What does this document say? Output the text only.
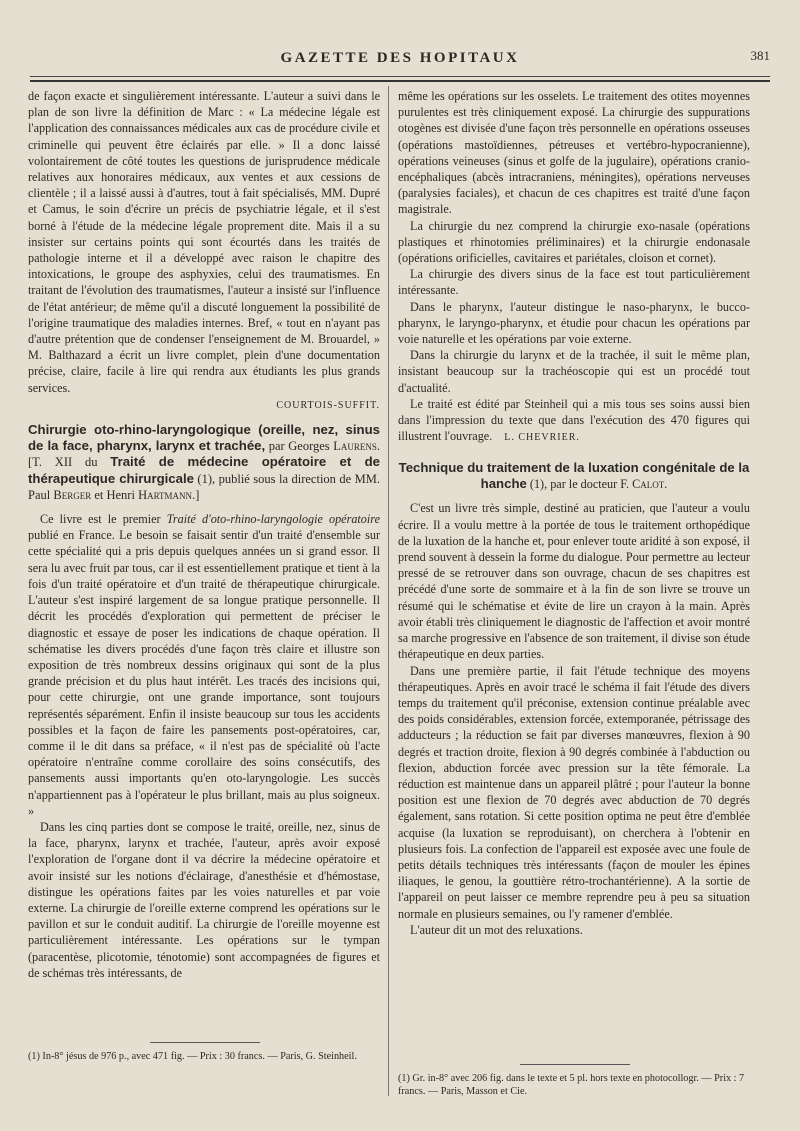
GAZETTE DES HOPITAUX	381

de façon exacte et singulièrement intéressante. L'auteur a suivi dans le plan de son livre la définition de Marc : « La médecine légale est l'application des connaissances médicales aux cas de procédure civile et criminelle qui peuvent être éclairés par elle. » Il a donc laissé volontairement de côté toutes les questions de jurisprudence médicale relatives aux honoraires médicaux, aux ventes et aux cessions de clientèle ; il a laissé aussi à d'autres, tout à fait spécialisés, MM. Dupré et Camus, le soin d'écrire un précis de psychiatrie légale, et il s'est borné à l'étude de la médecine légale proprement dite. Mais il a su insister sur certains points qui sont écourtés dans les traités de pathologie interne et il a développé avec raison le chapitre des intoxications, le groupe des asphyxies, celui des traumatismes. En traitant de l'évolution des traumatismes, l'auteur a insisté sur l'influence de l'état antérieur; de même qu'il a discuté longuement la possibilité de l'origine traumatique des maladies internes. Bref, « tout en n'ayant pas d'autre prétention que de condenser l'enseignement de M. Brouardel, » M. Balthazard a écrit un livre complet, plein d'une documentation précise, claire, facile à lire qui rendra aux étudiants les plus grands services.

COURTOIS-SUFFIT.

Chirurgie oto-rhino-laryngologique (oreille, nez, sinus de la face, pharynx, larynx et trachée, par Georges Laurens. [T. XII du Traité de médecine opératoire et de thérapeutique chirurgicale (1), publié sous la direction de MM. Paul Berger et Henri Hartmann.]

Ce livre est le premier Traité d'oto-rhino-laryngologie opératoire publié en France. Le besoin se faisait sentir d'un traité d'ensemble sur cette spécialité qui a pris depuis quelques années un si grand essor. Il sera lu avec fruit par tous, car il est essentiellement pratique et tient à la fois d'un traité opératoire et d'un traité de thérapeutique chirurgicale. L'auteur s'est inspiré largement de sa longue pratique personnelle. Il décrit les procédés d'exploration qui permettent de préciser le diagnostic et essaye de poser les indications de chaque opération. Il schématise les divers procédés d'une façon très claire et illustre son exposition de très nombreux dessins originaux qui sont de la plus grande précision et du plus haut intérêt. Les tracés des incisions qui, pour cette chirurgie, ont une grande importance, sont toujours représentés séparément. Enfin il insiste beaucoup sur tous les accidents possibles et la façon de faire les pansements post-opératoires, car, comme il le dit dans sa préface, « il n'est pas de spécialité où l'acte opératoire n'entraîne comme corollaire des soins consécutifs, des pansements aussi importants qu'en oto-laryngologie. Les succès n'appartiennent pas à l'opérateur le plus brillant, mais au plus soigneux. »

Dans les cinq parties dont se compose le traité, oreille, nez, sinus de la face, pharynx, larynx et trachée, l'auteur, après avoir exposé l'exploration de l'organe dont il va décrire la médecine opératoire et avoir insisté sur les notions d'éclairage, d'anesthésie et d'hémostase, distingue les opérations faites par les voies naturelles et par voie externe. La chirurgie de l'oreille externe comprend les opérations sur le pavillon et sur le conduit auditif. La chirurgie de l'oreille moyenne est particulièrement intéressante. Les opérations sur le tympan (paracentèse, plicotomie, ténotomie) sont accompagnées de figures et de schémas très intéressants, de

(1) In-8° jésus de 976 p., avec 471 fig. — Prix : 30 francs. — Paris, G. Steinheil.

même les opérations sur les osselets. Le traitement des otites moyennes purulentes est très cliniquement exposé. La chirurgie des suppurations otogènes est divisée d'une façon très personnelle en opérations osseuses (opérations mastoïdiennes, pétreuses et vertébro-hypocranienne), opérations veineuses (sinus et golfe de la jugulaire), opérations cranio-encéphaliques (abcès intracraniens, méningites), opérations nerveuses (paralysies faciales), et chacun de ces chapitres est traité d'une façon magistrale.

La chirurgie du nez comprend la chirurgie exo-nasale (opérations plastiques et rhinotomies préliminaires) et la chirurgie endonasale (opérations orificielles, cavitaires et pariétales, cloison et cornet).

La chirurgie des divers sinus de la face est tout particulièrement intéressante.

Dans le pharynx, l'auteur distingue le naso-pharynx, le bucco-pharynx, le laryngo-pharynx, et étudie pour chacun les opérations par voie naturelle et les opérations par voie externe.

Dans la chirurgie du larynx et de la trachée, il suit le même plan, insistant beaucoup sur la trachéoscopie qui est un procédé tout d'actualité.

Le traité est édité par Steinheil qui a mis tous ses soins aussi bien dans l'impression du texte que dans l'exécution des 470 figures qui illustrent l'ouvrage. L. CHEVRIER.

Technique du traitement de la luxation congénitale de la hanche (1), par le docteur F. Calot.

C'est un livre très simple, destiné au praticien, que l'auteur a voulu écrire. Il a voulu mettre à la portée de tous le traitement orthopédique de la luxation de la hanche et, pour enlever toute aridité à son exposé, il prend souvent à dessein la forme du dialogue. Pour permettre au lecteur pressé de se retrouver dans son ouvrage, chacun de ses chapitres est précédé d'une sorte de sommaire et à la fin de son livre se trouve un résumé qui le schématise et évite de lire un crayon à la main. Après avoir établi très cliniquement le diagnostic de l'affection et avoir montré sa marche progressive en l'absence de son traitement, il divise son étude thérapeutique en deux parties.

Dans une première partie, il fait l'étude technique des moyens thérapeutiques. Après en avoir tracé le schéma il fait l'étude des divers temps du traitement qu'il préconise, extension continue préalable avec des poids considérables, extension forcée, extemporanée, pétrissage des adducteurs ; la réduction se fait par diverses manœuvres, flexion à 90 degrés et traction droite, flexion à 90 degrés combinée à l'abduction ou flexion, abduction forcée avec pression sur la tête fémorale. La réduction est maintenue dans un appareil plâtré ; pour l'auteur la bonne position est une flexion de 70 degrés avec abduction de 70 degrés également, sans rotation. Si cette position optima ne peut être d'emblée acquise (la luxation se reproduisant), on cherchera à l'obtenir en plusieurs fois. La confection de l'appareil est exposée avec une foule de petits détails techniques très intéressants (façon de mouler les épines iliaques, le genou, la gouttière rétro-trochantérienne). A la sortie de l'appareil on peut laisser ce membre reprendre peu à peu sa situation normale en plusieurs semaines, ou l'y ramener d'emblée.

L'auteur dit un mot des reluxations.

(1) Gr. in-8° avec 206 fig. dans le texte et 5 pl. hors texte en photocollogr. — Prix : 7 francs. — Paris, Masson et Cie.
